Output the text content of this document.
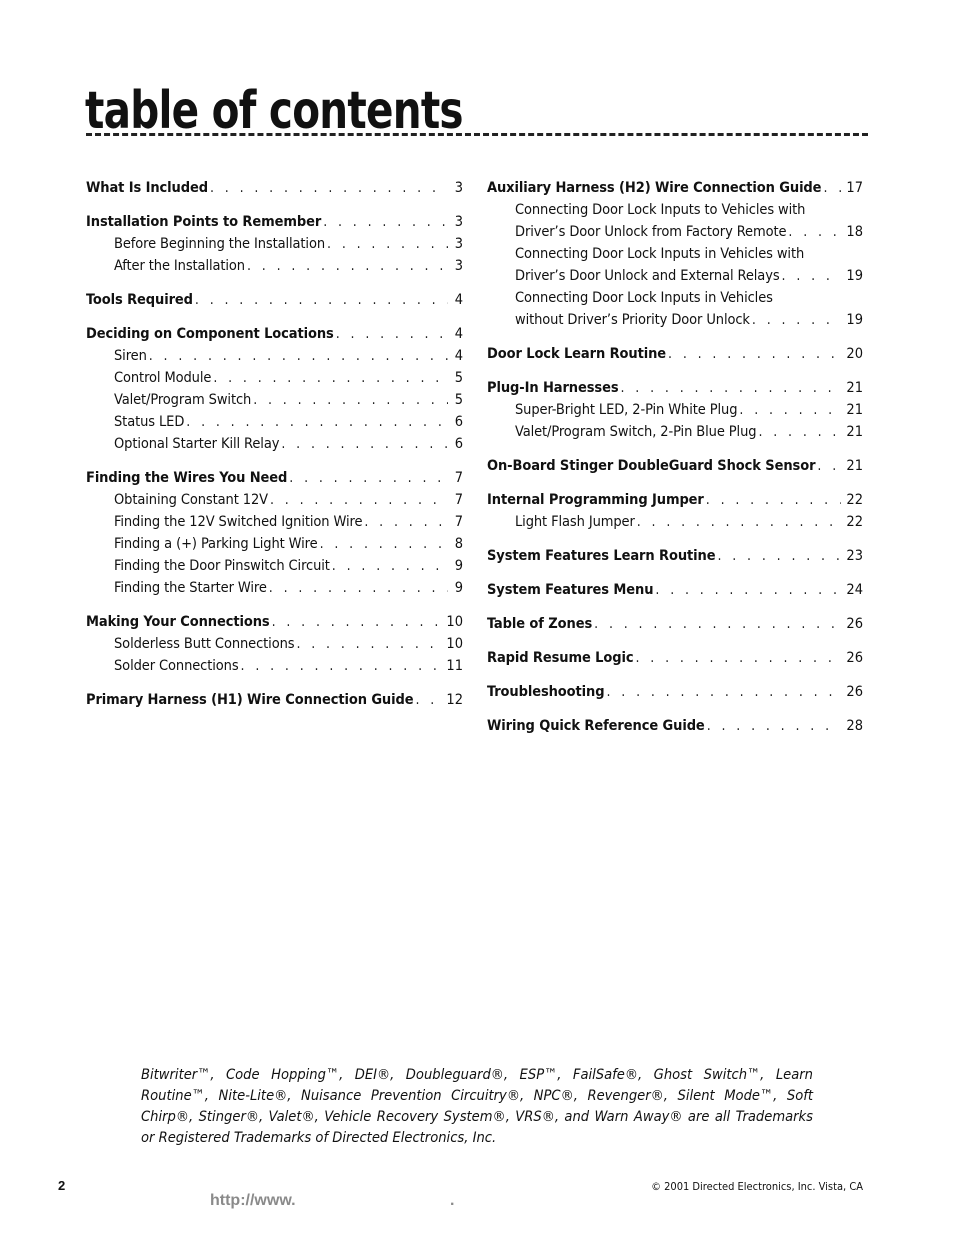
table of contents
What Is Included . . .	3
Installation Points to Remember . . .	3
Before Beginning the Installation . . .	3
After the Installation . . .	3
Tools Required . . .	4
Deciding on Component Locations . . .	4
Siren . . .	4
Control Module . . .	5
Valet/Program Switch . . .	5
Status LED . . .	6
Optional Starter Kill Relay . . .	6
Finding the Wires You Need . . .	7
Obtaining Constant 12V . . .	7
Finding the 12V Switched Ignition Wire . . .	7
Finding a (+) Parking Light Wire . . .	8
Finding the Door Pinswitch Circuit . . .	9
Finding the Starter Wire . . .	9
Making Your Connections . . .	10
Solderless Butt Connections . . .	10
Solder Connections . . .	11
Primary Harness (H1) Wire Connection Guide . . . 12
Auxiliary Harness (H2) Wire Connection Guide . . . 17
Connecting Door Lock Inputs to Vehicles with
Driver’s Door Unlock from Factory Remote . . .	18
Connecting Door Lock Inputs in Vehicles with
Driver’s Door Unlock and External Relays . . .	19
Connecting Door Lock Inputs in Vehicles
without Driver’s Priority Door Unlock . . .	19
Door Lock Learn Routine . . .	20
Plug-In Harnesses . . .	21
Super-Bright LED, 2-Pin White Plug . . .	21
Valet/Program Switch, 2-Pin Blue Plug . . .	21
On-Board Stinger DoubleGuard Shock Sensor . . . 21
Internal Programming Jumper . . .	22
Light Flash Jumper . . .	22
System Features Learn Routine . . .	23
System Features Menu . . .	24
Table of Zones . . .	26
Rapid Resume Logic . . .	26
Troubleshooting . . .	26
Wiring Quick Reference Guide . . .	28
Bitwriter™, Code Hopping™, DEI®, Doubleguard®, ESP™, FailSafe®, Ghost Switch™, Learn Routine™, Nite-Lite®, Nuisance Prevention Circuitry®, NPC®, Revenger®, Silent Mode™, Soft Chirp®, Stinger®, Valet®, Vehicle Recovery System®, VRS®, and Warn Away® are all Trademarks or Registered Trademarks of Directed Electronics, Inc.
2	© 2001 Directed Electronics, Inc. Vista, CA
http://www.	.
